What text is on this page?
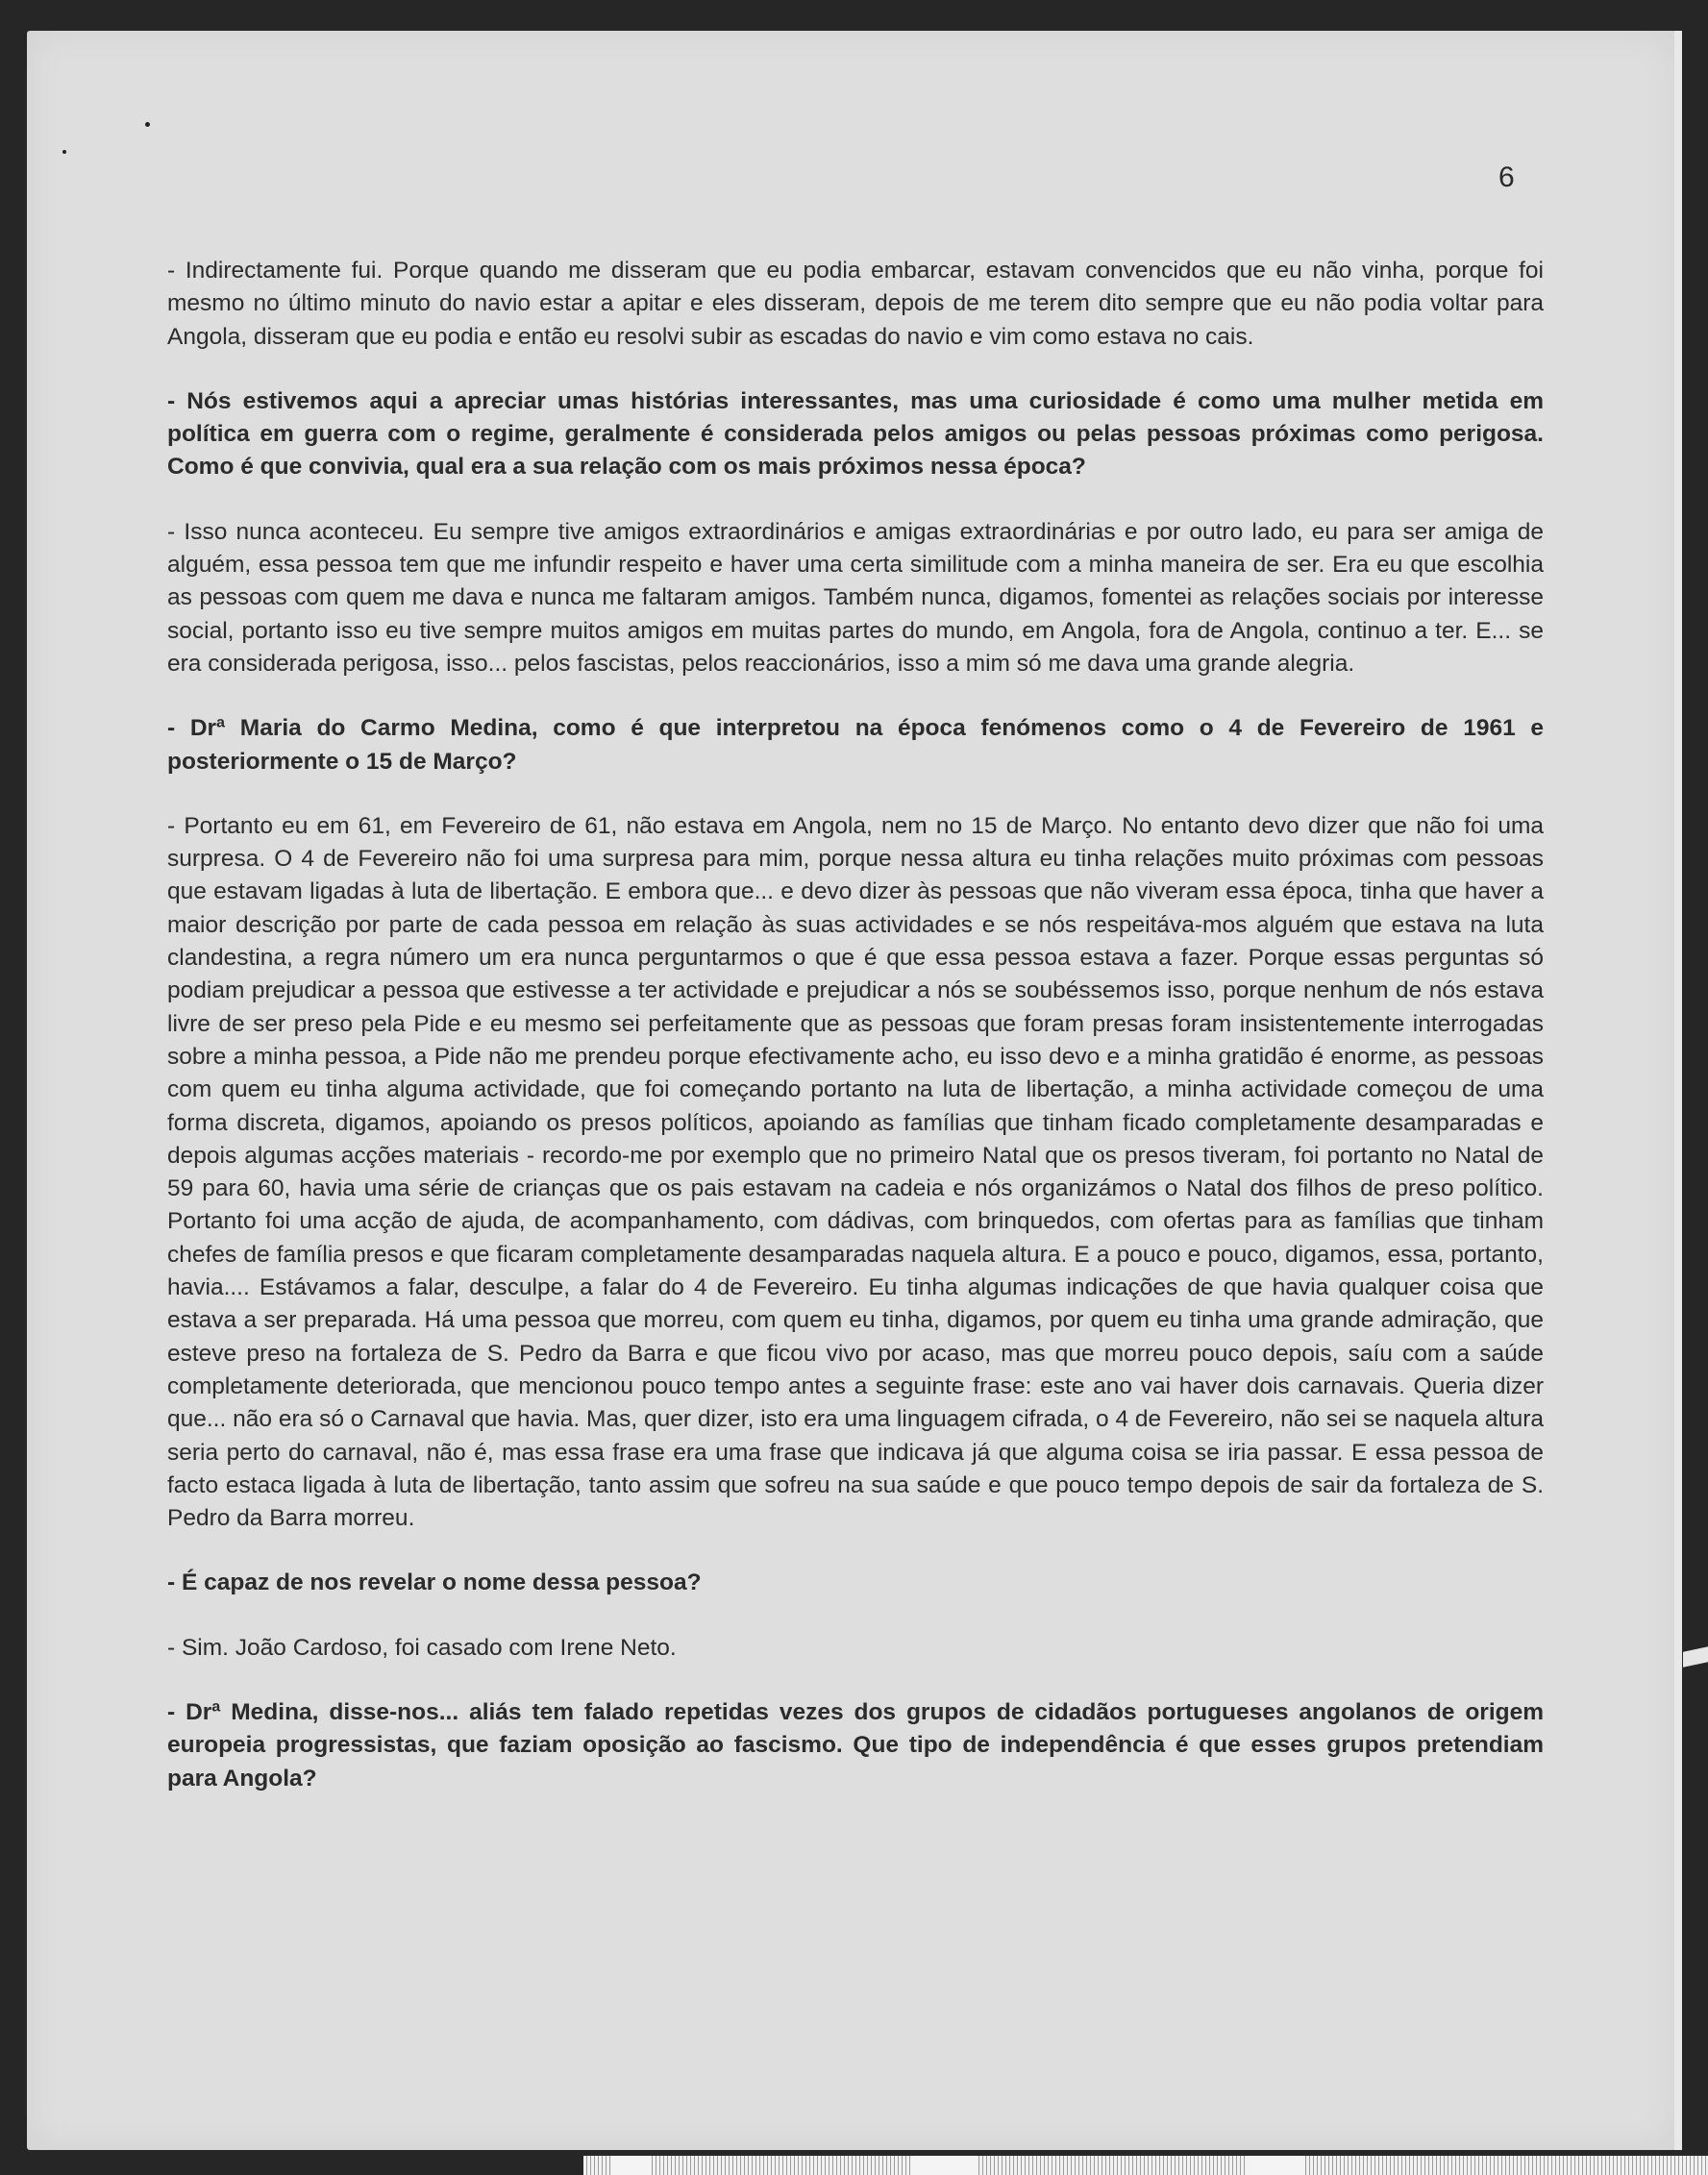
6

- Indirectamente fui. Porque quando me disseram que eu podia embarcar, estavam convencidos que eu não vinha, porque foi mesmo no último minuto do navio estar a apitar e eles disseram, depois de me terem dito sempre que eu não podia voltar para Angola, disseram que eu podia e então eu resolvi subir as escadas do navio e vim como estava no cais.

- Nós estivemos aqui a apreciar umas histórias interessantes, mas uma curiosidade é como uma mulher metida em política em guerra com o regime, geralmente é considerada pelos amigos ou pelas pessoas próximas como perigosa. Como é que convivia, qual era a sua relação com os mais próximos nessa época?

- Isso nunca aconteceu. Eu sempre tive amigos extraordinários e amigas extraordinárias e por outro lado, eu para ser amiga de alguém, essa pessoa tem que me infundir respeito e haver uma certa similitude com a minha maneira de ser. Era eu que escolhia as pessoas com quem me dava e nunca me faltaram amigos. Também nunca, digamos, fomentei as relações sociais por interesse social, portanto isso eu tive sempre muitos amigos em muitas partes do mundo, em Angola, fora de Angola, continuo a ter. E... se era considerada perigosa, isso... pelos fascistas, pelos reaccionários, isso a mim só me dava uma grande alegria.

- Drª Maria do Carmo Medina, como é que interpretou na época fenómenos como o 4 de Fevereiro de 1961 e posteriormente o 15 de Março?

- Portanto eu em 61, em Fevereiro de 61, não estava em Angola, nem no 15 de Março. No entanto devo dizer que não foi uma surpresa. O 4 de Fevereiro não foi uma surpresa para mim, porque nessa altura eu tinha relações muito próximas com pessoas que estavam ligadas à luta de libertação. E embora que... e devo dizer às pessoas que não viveram essa época, tinha que haver a maior descrição por parte de cada pessoa em relação às suas actividades e se nós respeitáva-mos alguém que estava na luta clandestina, a regra número um era nunca perguntarmos o que é que essa pessoa estava a fazer. Porque essas perguntas só podiam prejudicar a pessoa que estivesse a ter actividade e prejudicar a nós se soubéssemos isso, porque nenhum de nós estava livre de ser preso pela Pide e eu mesmo sei perfeitamente que as pessoas que foram presas foram insistentemente interrogadas sobre a minha pessoa, a Pide não me prendeu porque efectivamente acho, eu isso devo e a minha gratidão é enorme, as pessoas com quem eu tinha alguma actividade, que foi começando portanto na luta de libertação, a minha actividade começou de uma forma discreta, digamos, apoiando os presos políticos, apoiando as famílias que tinham ficado completamente desamparadas e depois algumas acções materiais - recordo-me por exemplo que no primeiro Natal que os presos tiveram, foi portanto no Natal de 59 para 60, havia uma série de crianças que os pais estavam na cadeia e nós organizámos o Natal dos filhos de preso político. Portanto foi uma acção de ajuda, de acompanhamento, com dádivas, com brinquedos, com ofertas para as famílias que tinham chefes de família presos e que ficaram completamente desamparadas naquela altura. E a pouco e pouco, digamos, essa, portanto, havia.... Estávamos a falar, desculpe, a falar do 4 de Fevereiro. Eu tinha algumas indicações de que havia qualquer coisa que estava a ser preparada. Há uma pessoa que morreu, com quem eu tinha, digamos, por quem eu tinha uma grande admiração, que esteve preso na fortaleza de S. Pedro da Barra e que ficou vivo por acaso, mas que morreu pouco depois, saíu com a saúde completamente deteriorada, que mencionou pouco tempo antes a seguinte frase: este ano vai haver dois carnavais. Queria dizer que... não era só o Carnaval que havia. Mas, quer dizer, isto era uma linguagem cifrada, o 4 de Fevereiro, não sei se naquela altura seria perto do carnaval, não é, mas essa frase era uma frase que indicava já que alguma coisa se iria passar. E essa pessoa de facto estaca ligada à luta de libertação, tanto assim que sofreu na sua saúde e que pouco tempo depois de sair da fortaleza de S. Pedro da Barra morreu.

- É capaz de nos revelar o nome dessa pessoa?

- Sim. João Cardoso, foi casado com Irene Neto.

- Drª Medina, disse-nos... aliás tem falado repetidas vezes dos grupos de cidadãos portugueses angolanos de origem europeia progressistas, que faziam oposição ao fascismo. Que tipo de independência é que esses grupos pretendiam para Angola?
